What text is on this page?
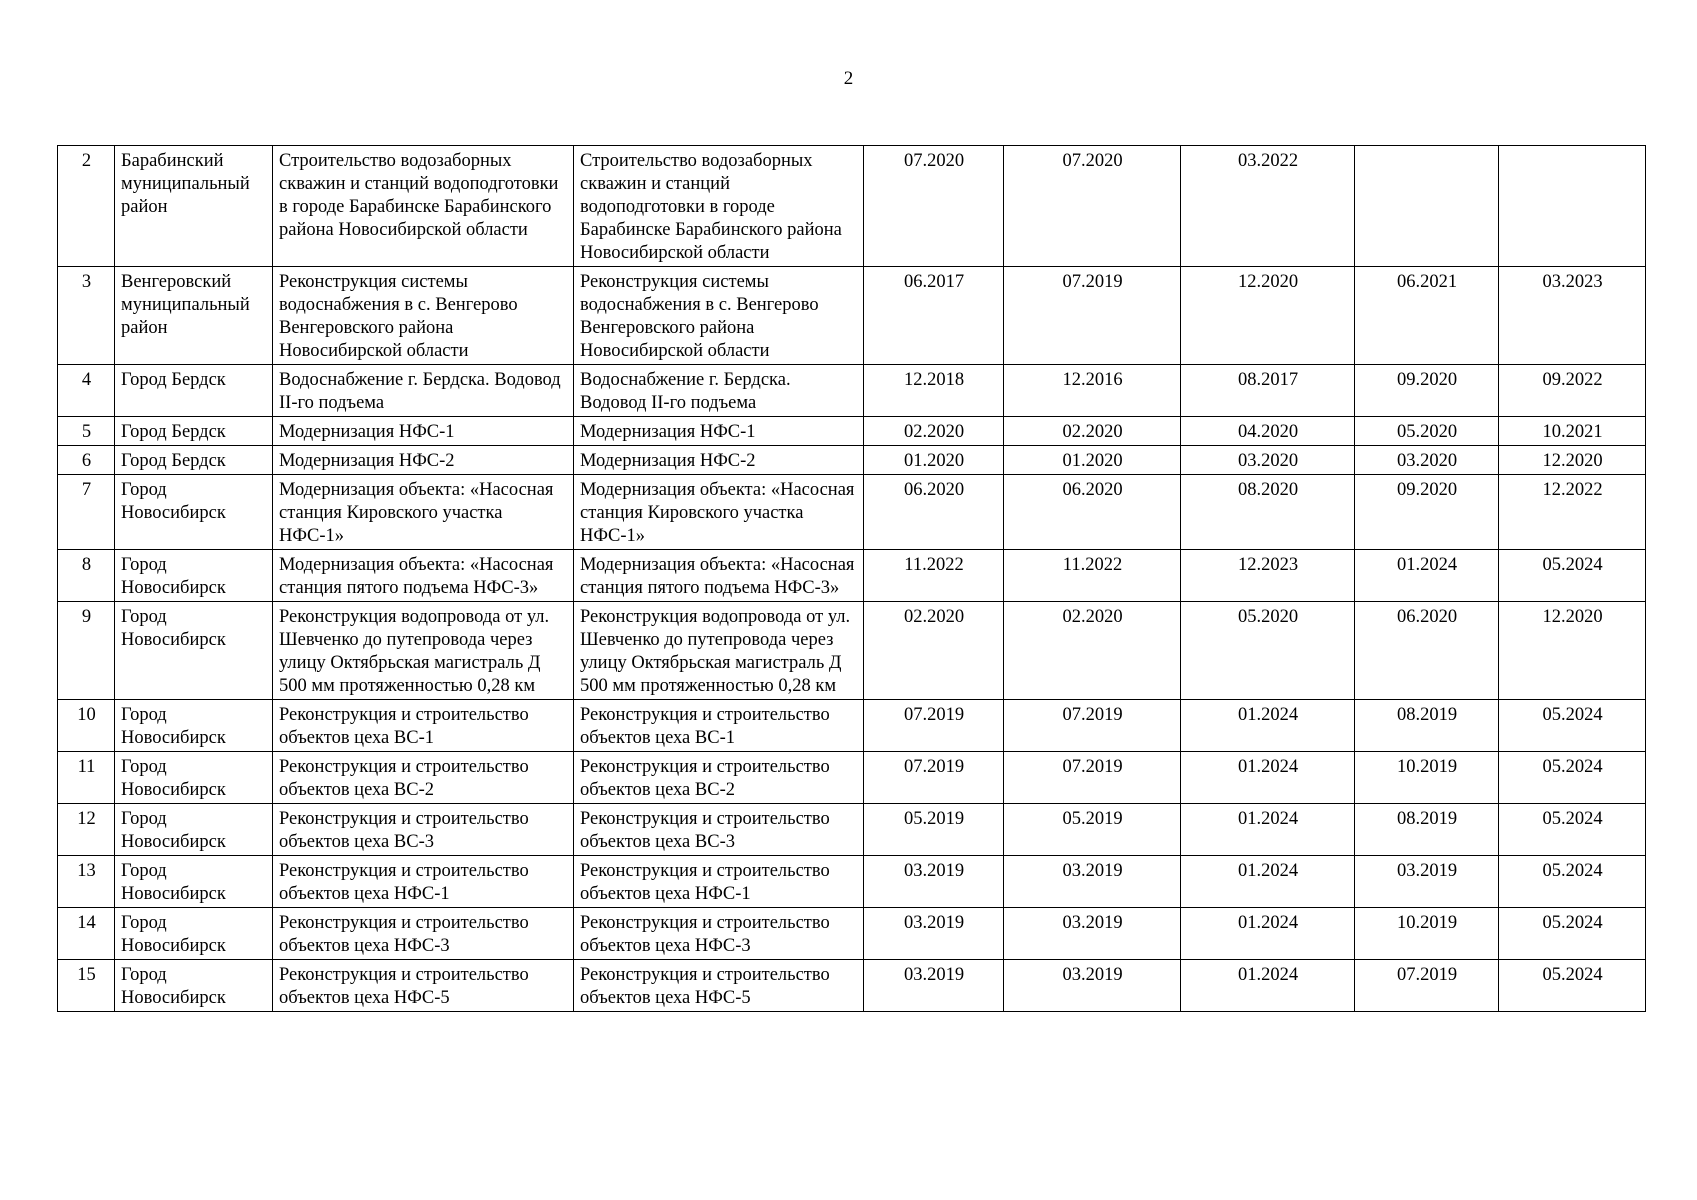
2
2	Барабинский муниципальный район	Строительство водозаборных скважин и станций водоподготовки в городе Барабинске Барабинского района Новосибирской области	Строительство водозаборных скважин и станций водоподготовки в городе Барабинске Барабинского района Новосибирской области	07.2020	07.2020	03.2022		
3	Венгеровский муниципальный район	Реконструкция системы водоснабжения в с. Венгерово Венгеровского района Новосибирской области	Реконструкция системы водоснабжения в с. Венгерово Венгеровского района Новосибирской области	06.2017	07.2019	12.2020	06.2021	03.2023
4	Город Бердск	Водоснабжение г. Бердска. Водовод II-го подъема	Водоснабжение г. Бердска. Водовод II-го подъема	12.2018	12.2016	08.2017	09.2020	09.2022
5	Город Бердск	Модернизация НФС-1	Модернизация НФС-1	02.2020	02.2020	04.2020	05.2020	10.2021
6	Город Бердск	Модернизация НФС-2	Модернизация НФС-2	01.2020	01.2020	03.2020	03.2020	12.2020
7	Город Новосибирск	Модернизация объекта: «Насосная станция Кировского участка НФС-1»	Модернизация объекта: «Насосная станция Кировского участка НФС-1»	06.2020	06.2020	08.2020	09.2020	12.2022
8	Город Новосибирск	Модернизация объекта: «Насосная станция пятого подъема НФС-3»	Модернизация объекта: «Насосная станция пятого подъема НФС-3»	11.2022	11.2022	12.2023	01.2024	05.2024
9	Город Новосибирск	Реконструкция водопровода от ул. Шевченко до путепровода через улицу Октябрьская магистраль Д 500 мм протяженностью 0,28 км	Реконструкция водопровода от ул. Шевченко до путепровода через улицу Октябрьская магистраль Д 500 мм протяженностью 0,28 км	02.2020	02.2020	05.2020	06.2020	12.2020
10	Город Новосибирск	Реконструкция и строительство объектов цеха ВС-1	Реконструкция и строительство объектов цеха ВС-1	07.2019	07.2019	01.2024	08.2019	05.2024
11	Город Новосибирск	Реконструкция и строительство объектов цеха ВС-2	Реконструкция и строительство объектов цеха ВС-2	07.2019	07.2019	01.2024	10.2019	05.2024
12	Город Новосибирск	Реконструкция и строительство объектов цеха ВС-3	Реконструкция и строительство объектов цеха ВС-3	05.2019	05.2019	01.2024	08.2019	05.2024
13	Город Новосибирск	Реконструкция и строительство объектов цеха НФС-1	Реконструкция и строительство объектов цеха НФС-1	03.2019	03.2019	01.2024	03.2019	05.2024
14	Город Новосибирск	Реконструкция и строительство объектов цеха НФС-3	Реконструкция и строительство объектов цеха НФС-3	03.2019	03.2019	01.2024	10.2019	05.2024
15	Город Новосибирск	Реконструкция и строительство объектов цеха НФС-5	Реконструкция и строительство объектов цеха НФС-5	03.2019	03.2019	01.2024	07.2019	05.2024
